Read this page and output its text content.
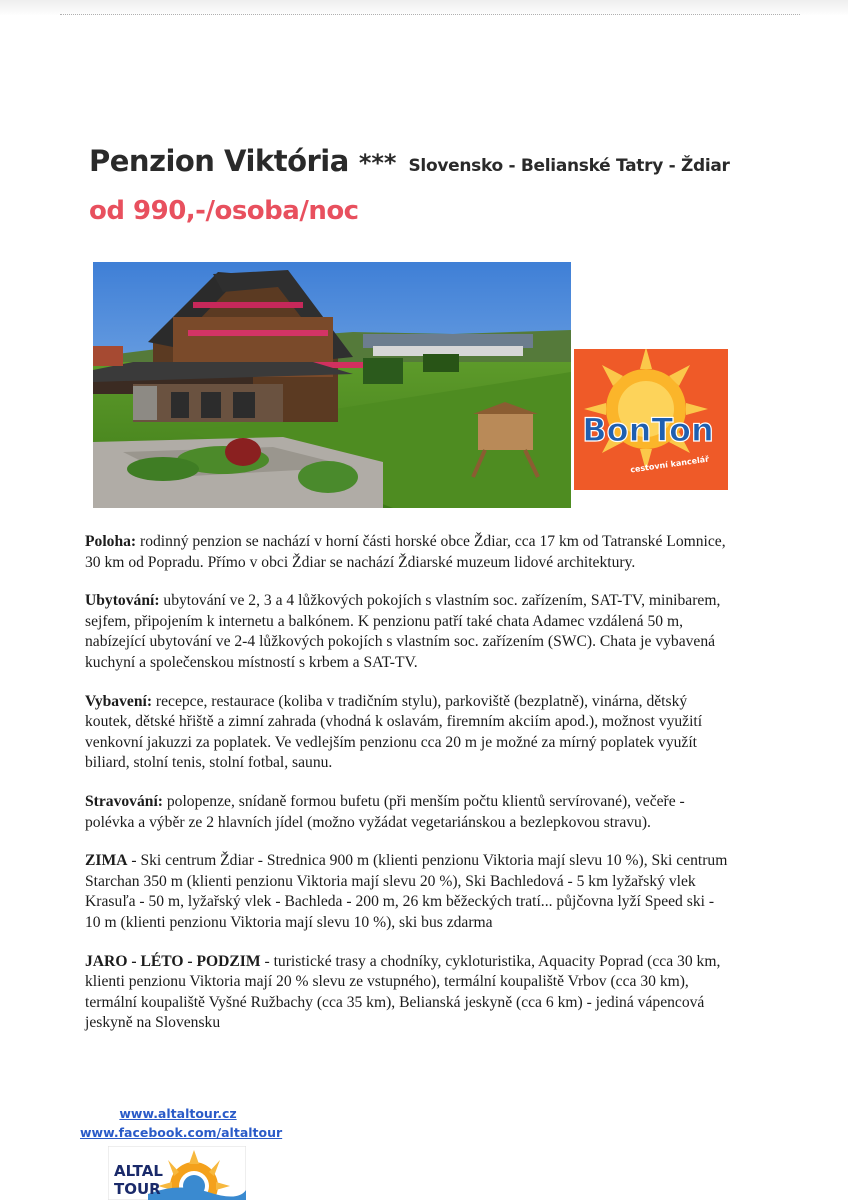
Penzion Viktória *** Slovensko - Belianské Tatry - Ždiar
od 990,-/osoba/noc
BonTon
cestovní kancelář

Poloha: rodinný penzion se nachází v horní části horské obce Ždiar, cca 17 km od Tatranské Lomnice, 30 km od Popradu. Přímo v obci Ždiar se nachází Ždiarské muzeum lidové architektury.

Ubytování: ubytování ve 2, 3 a 4 lůžkových pokojích s vlastním soc. zařízením, SAT-TV, minibarem, sejfem, připojením k internetu a balkónem. K penzionu patří také chata Adamec vzdálená 50 m, nabízející ubytování ve 2-4 lůžkových pokojích s vlastním soc. zařízením (SWC). Chata je vybavená kuchyní a společenskou místností s krbem a SAT-TV.

Vybavení: recepce, restaurace (koliba v tradičním stylu), parkoviště (bezplatně), vinárna, dětský koutek, dětské hřiště a zimní zahrada (vhodná k oslavám, firemním akciím apod.), možnost využití venkovní jakuzzi za poplatek. Ve vedlejším penzionu cca 20 m je možné za mírný poplatek využít biliard, stolní tenis, stolní fotbal, saunu.

Stravování: polopenze, snídaně formou bufetu (při menším počtu klientů servírované), večeře - polévka a výběr ze 2 hlavních jídel (možno vyžádat vegetariánskou a bezlepkovou stravu).

ZIMA - Ski centrum Ždiar - Strednica 900 m (klienti penzionu Viktoria mají slevu 10 %), Ski centrum Starchan 350 m (klienti penzionu Viktoria mají slevu 20 %), Ski Bachledová - 5 km lyžařský vlek Krasuľa - 50 m, lyžařský vlek - Bachleda - 200 m, 26 km běžeckých tratí... půjčovna lyží Speed ski - 10 m (klienti penzionu Viktoria mají slevu 10 %), ski bus zdarma

JARO - LÉTO - PODZIM - turistické trasy a chodníky, cykloturistika, Aquacity Poprad (cca 30 km, klienti penzionu Viktoria mají 20 % slevu ze vstupného), termální koupaliště Vrbov (cca 30 km), termální koupaliště Vyšné Ružbachy (cca 35 km), Belianská jeskyně (cca 6 km) - jediná vápencová jeskyně na Slovensku

www.altaltour.cz
www.facebook.com/altaltour
ALTAL
TOUR
